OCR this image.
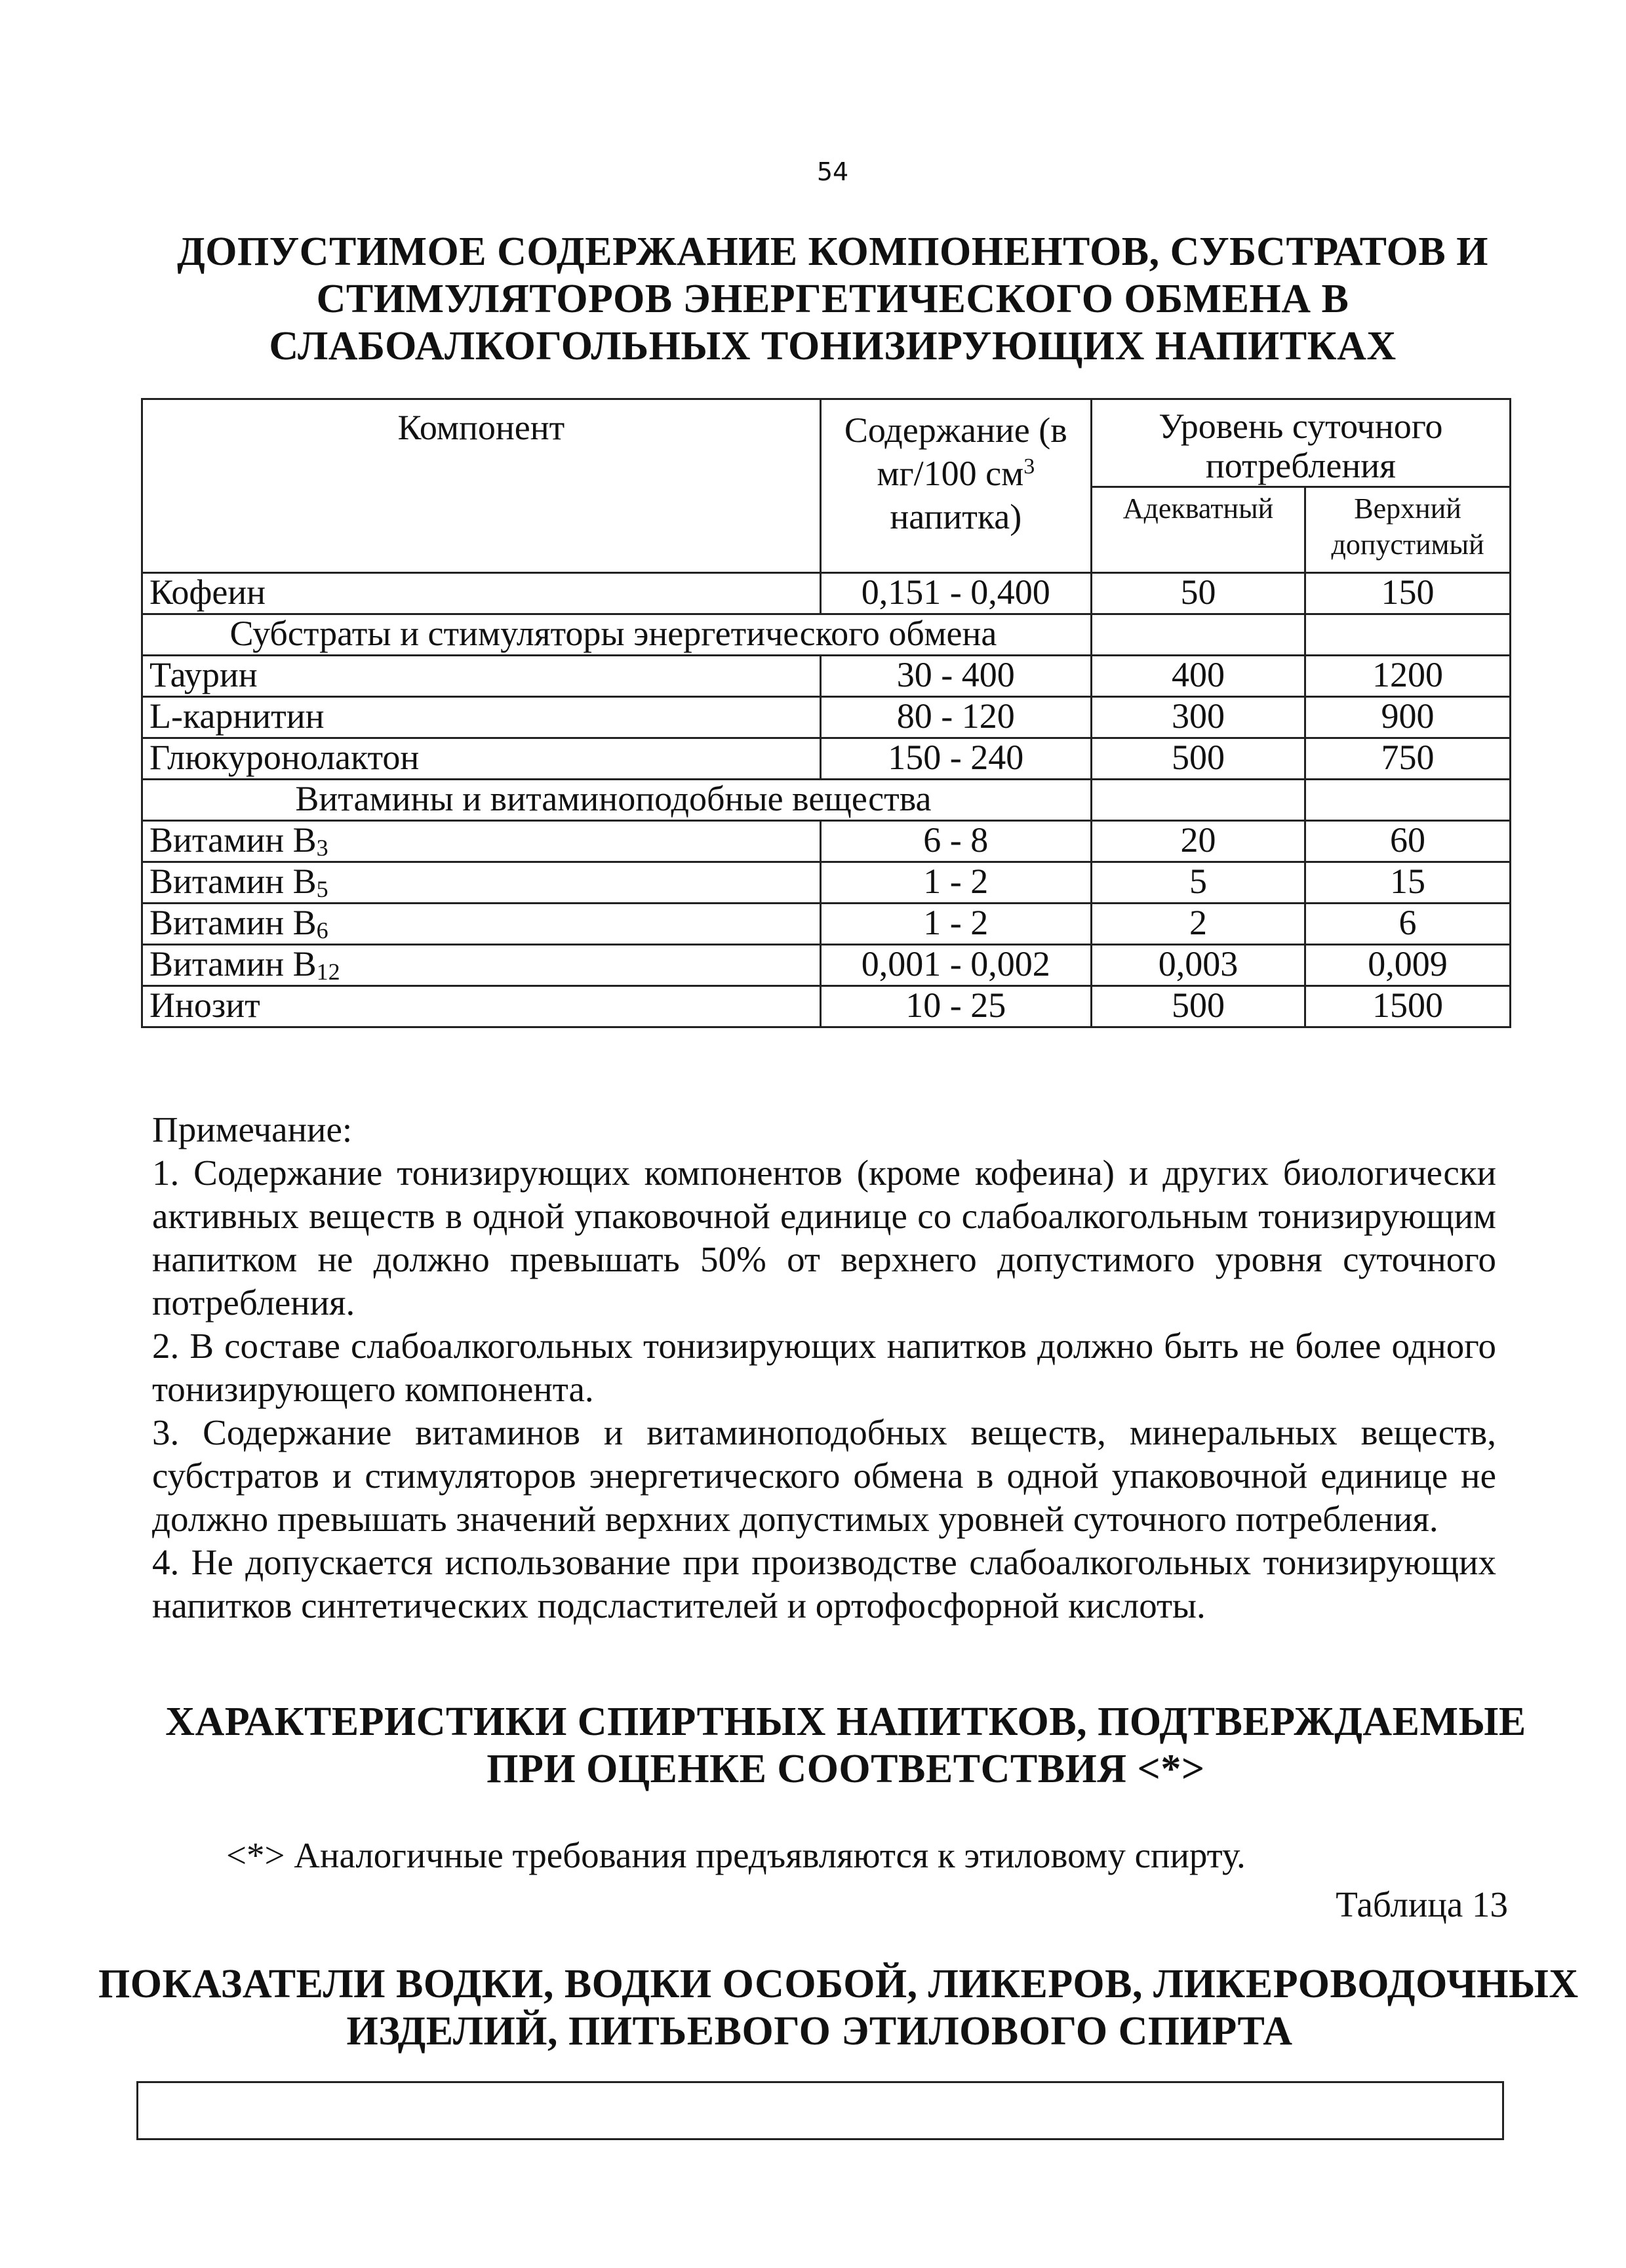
54
ДОПУСТИМОЕ СОДЕРЖАНИЕ КОМПОНЕНТОВ, СУБСТРАТОВ И
СТИМУЛЯТОРОВ ЭНЕРГЕТИЧЕСКОГО ОБМЕНА В
СЛАБОАЛКОГОЛЬНЫХ ТОНИЗИРУЮЩИХ НАПИТКАХ
Компонент	Содержание (в мг/100 $см^3$ напитка)	Уровень суточного потребления	
		Адекватный	Верхний допустимый
Кофеин	0,151 - 0,400	50	150
Субстраты и стимуляторы энергетического обмена			
Таурин	30 - 400	400	1200
L-карнитин	80 - 120	300	900
Глюкуронолактон	150 - 240	500	750
Витамины и витаминоподобные вещества			
Витамин $B_3$	6 - 8	20	60
Витамин $B_5$	1 - 2	5	15
Витамин $B_6$	1 - 2	2	6
Витамин $B_{12}$	0,001 - 0,002	0,003	0,009
Инозит	10 - 25	500	1500
Примечание:

1. Содержание тонизирующих компонентов (кроме кофеина) и других биологически активных веществ в одной упаковочной единице со слабоалкогольным тонизирующим напитком не должно превышать 50% от верхнего допустимого уровня суточного потребления.

2. В составе слабоалкогольных тонизирующих напитков должно быть не более одного тонизирующего компонента.

3. Содержание витаминов и витаминоподобных веществ, минеральных веществ, субстратов и стимуляторов энергетического обмена в одной упаковочной единице не должно превышать значений верхних допустимых уровней суточного потребления.

4. Не допускается использование при производстве слабоалкогольных тонизирующих напитков синтетических подсластителей и ортофосфорной кислоты.

ХАРАКТЕРИСТИКИ СПИРТНЫХ НАПИТКОВ, ПОДТВЕРЖДАЕМЫЕ
ПРИ ОЦЕНКЕ СООТВЕТСТВИЯ <*>
<*> Аналогичные требования предъявляются к этиловому спирту.
Таблица 13
ПОКАЗАТЕЛИ ВОДКИ, ВОДКИ ОСОБОЙ, ЛИКЕРОВ, ЛИКЕРОВОДОЧНЫХ
ИЗДЕЛИЙ, ПИТЬЕВОГО ЭТИЛОВОГО СПИРТА
